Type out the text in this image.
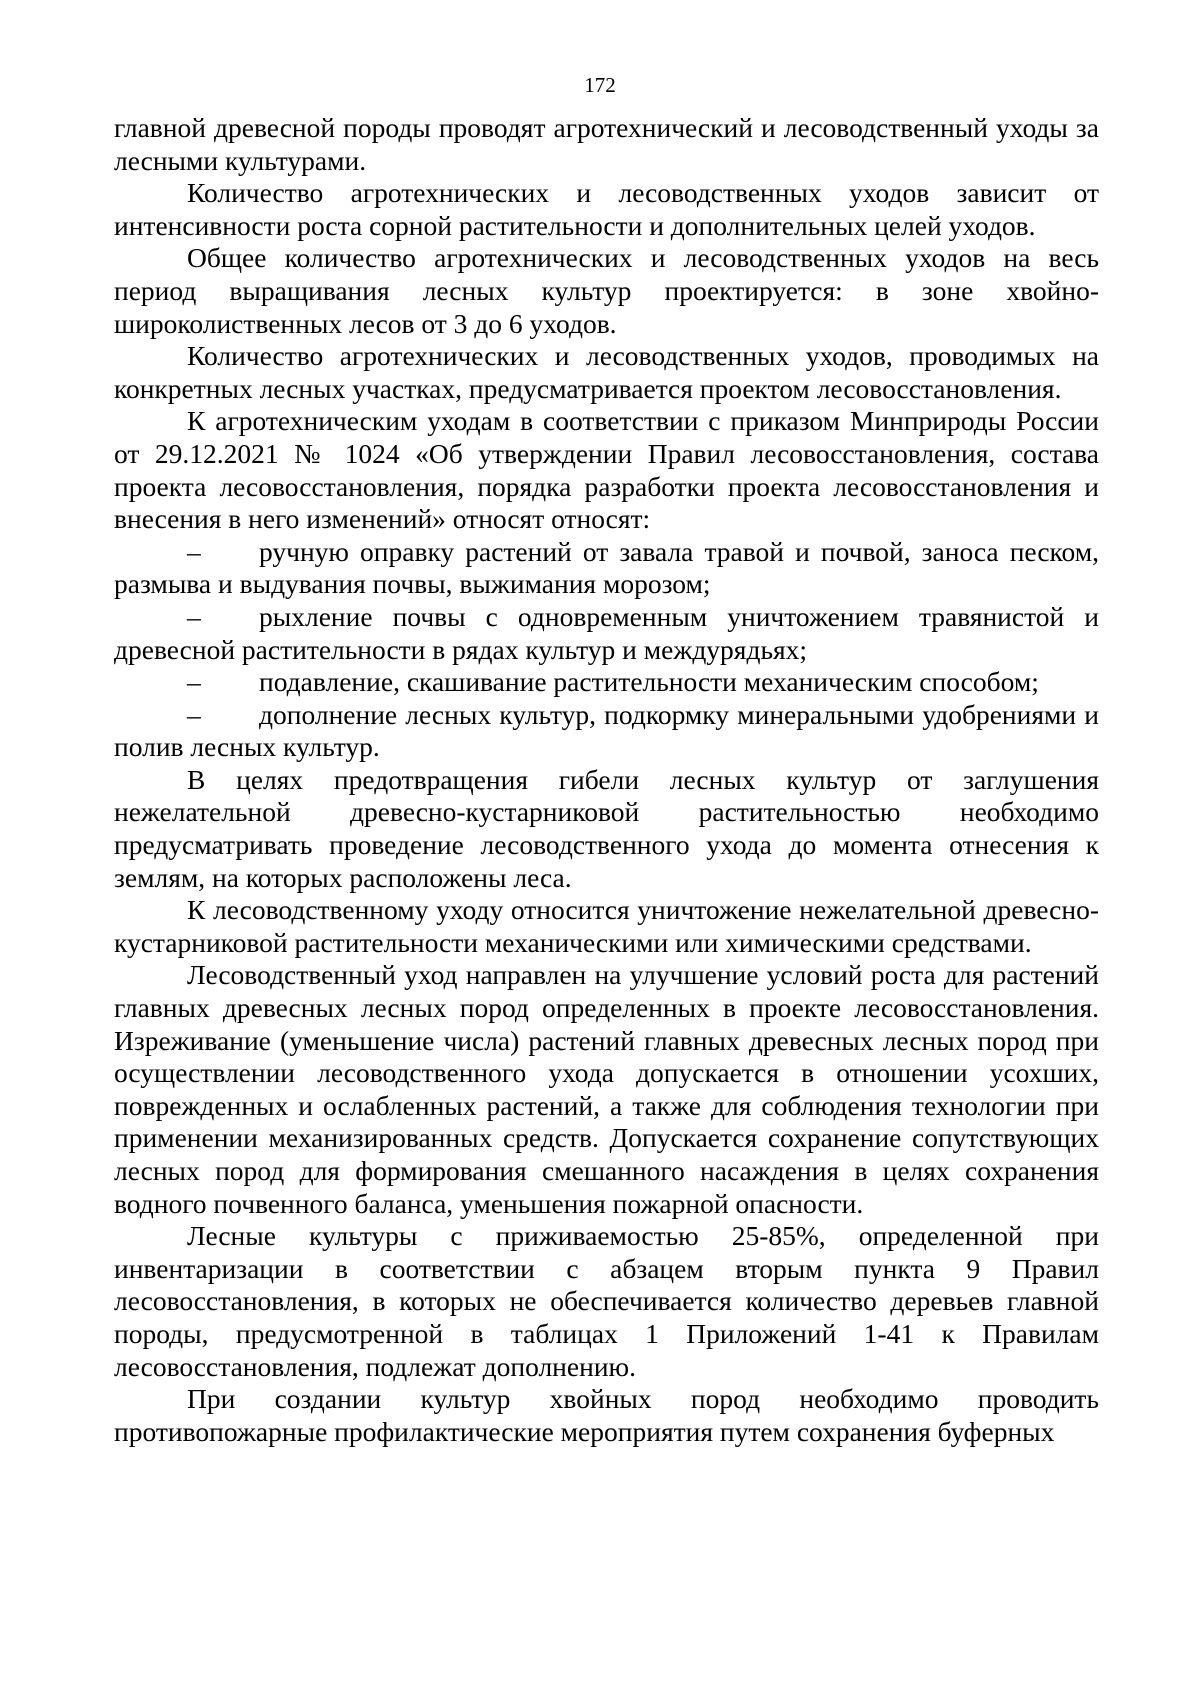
172

главной древесной породы проводят агротехнический и лесоводственный уходы за лесными культурами.

Количество агротехнических и лесоводственных уходов зависит от интенсивности роста сорной растительности и дополнительных целей уходов.

Общее количество агротехнических и лесоводственных уходов на весь период выращивания лесных культур проектируется: в зоне хвойно-широколиственных лесов от 3 до 6 уходов.

Количество агротехнических и лесоводственных уходов, проводимых на конкретных лесных участках, предусматривается проектом лесовосстановления.

К агротехническим уходам в соответствии с приказом Минприроды России от 29.12.2021 № 1024 «Об утверждении Правил лесовосстановления, состава проекта лесовосстановления, порядка разработки проекта лесовосстановления и внесения в него изменений» относят относят:

– ручную оправку растений от завала травой и почвой, заноса песком, размыва и выдувания почвы, выжимания морозом;

– рыхление почвы с одновременным уничтожением травянистой и древесной растительности в рядах культур и междурядьях;

– подавление, скашивание растительности механическим способом;

– дополнение лесных культур, подкормку минеральными удобрениями и полив лесных культур.

В целях предотвращения гибели лесных культур от заглушения нежелательной древесно-кустарниковой растительностью необходимо предусматривать проведение лесоводственного ухода до момента отнесения к землям, на которых расположены леса.

К лесоводственному уходу относится уничтожение нежелательной древесно-кустарниковой растительности механическими или химическими средствами.

Лесоводственный уход направлен на улучшение условий роста для растений главных древесных лесных пород определенных в проекте лесовосстановления. Изреживание (уменьшение числа) растений главных древесных лесных пород при осуществлении лесоводственного ухода допускается в отношении усохших, поврежденных и ослабленных растений, а также для соблюдения технологии при применении механизированных средств. Допускается сохранение сопутствующих лесных пород для формирования смешанного насаждения в целях сохранения водного почвенного баланса, уменьшения пожарной опасности.

Лесные культуры с приживаемостью 25-85%, определенной при инвентаризации в соответствии с абзацем вторым пункта 9 Правил лесовосстановления, в которых не обеспечивается количество деревьев главной породы, предусмотренной в таблицах 1 Приложений 1-41 к Правилам лесовосстановления, подлежат дополнению.

При создании культур хвойных пород необходимо проводить противопожарные профилактические мероприятия путем сохранения буферных
